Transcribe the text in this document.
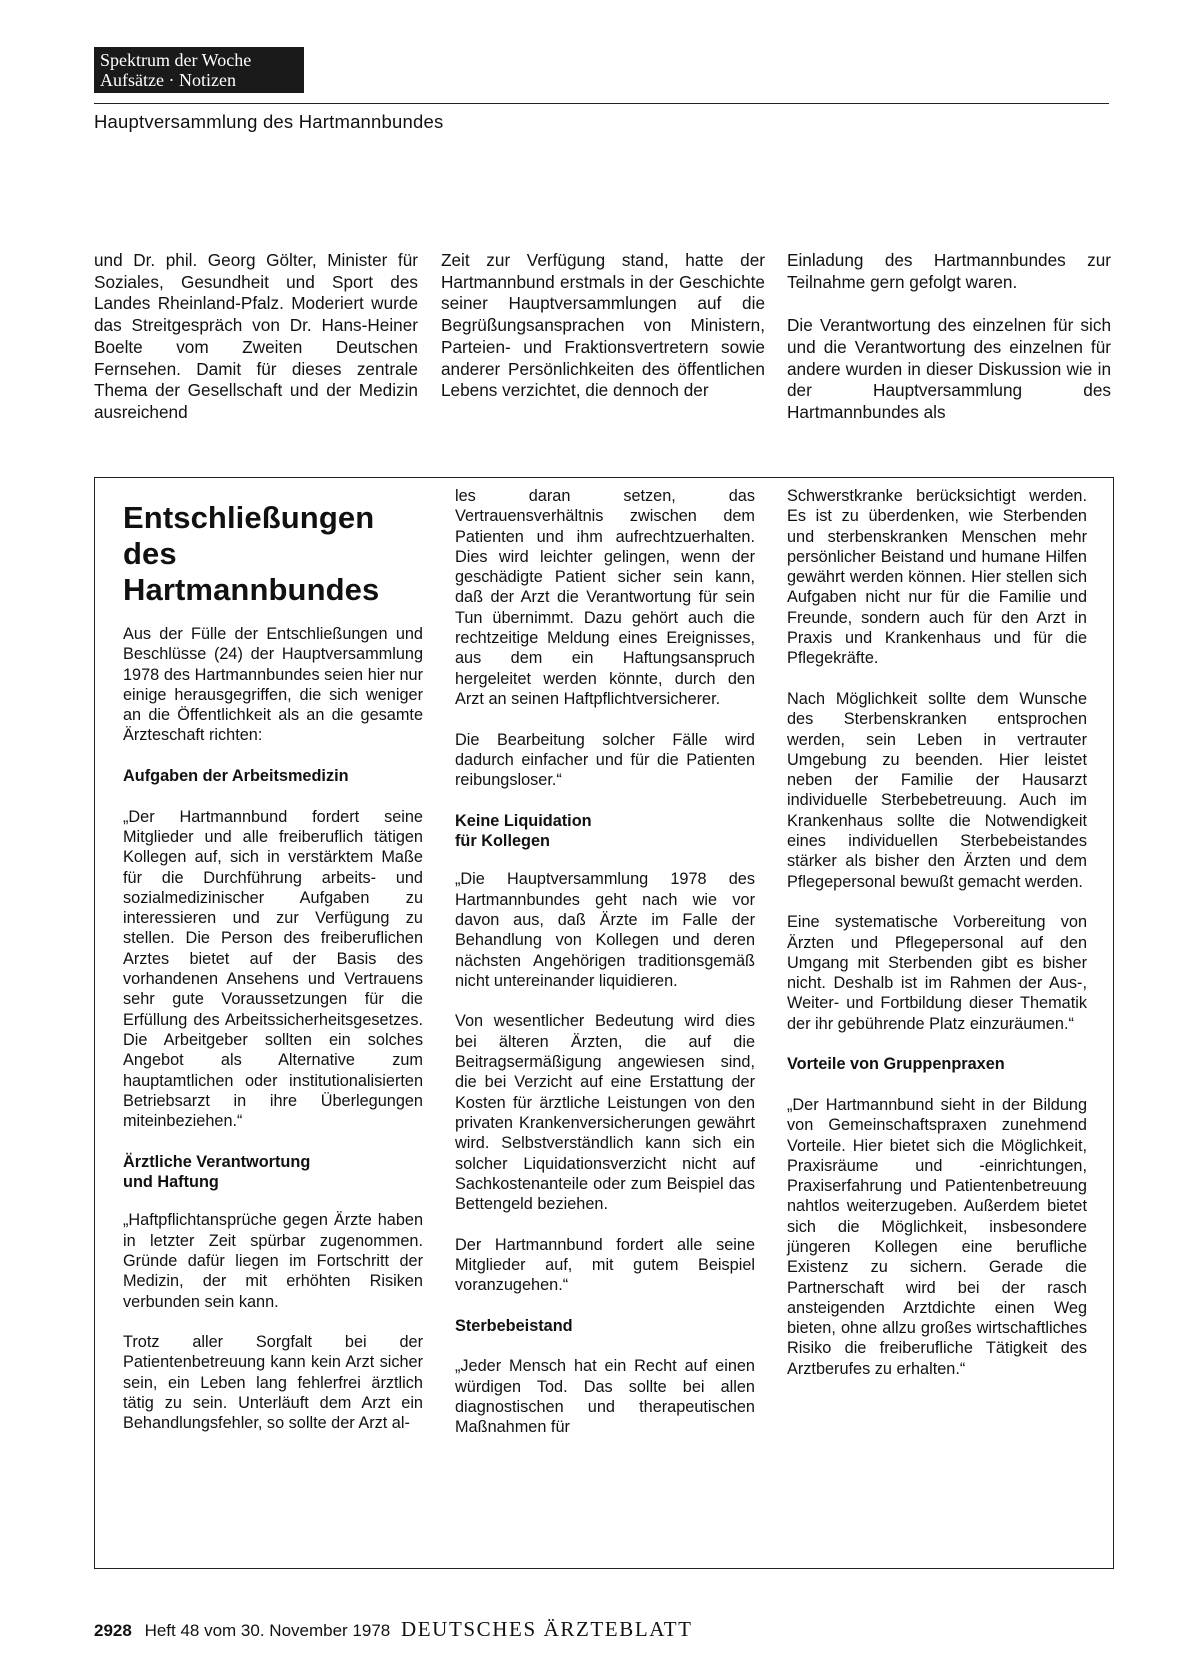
Spektrum der Woche
Aufsätze · Notizen
Hauptversammlung des Hartmannbundes

und Dr. phil. Georg Gölter, Minister für Soziales, Gesundheit und Sport des Landes Rheinland-Pfalz. Moderiert wurde das Streitgespräch von Dr. Hans-Heiner Boelte vom Zweiten Deutschen Fernsehen. Damit für dieses zentrale Thema der Gesellschaft und der Medizin ausreichend

Zeit zur Verfügung stand, hatte der Hartmannbund erstmals in der Geschichte seiner Hauptversammlungen auf die Begrüßungsansprachen von Ministern, Parteien- und Fraktionsvertretern sowie anderer Persönlichkeiten des öffentlichen Lebens verzichtet, die dennoch der

Einladung des Hartmannbundes zur Teilnahme gern gefolgt waren.

Die Verantwortung des einzelnen für sich und die Verantwortung des einzelnen für andere wurden in dieser Diskussion wie in der Hauptversammlung des Hartmannbundes als

Entschließungen
des
Hartmannbundes

Aus der Fülle der Entschließungen und Beschlüsse (24) der Hauptversammlung 1978 des Hartmannbundes seien hier nur einige herausgegriffen, die sich weniger an die Öffentlichkeit als an die gesamte Ärzteschaft richten:

Aufgaben der Arbeitsmedizin

„Der Hartmannbund fordert seine Mitglieder und alle freiberuflich tätigen Kollegen auf, sich in verstärktem Maße für die Durchführung arbeits- und sozialmedizinischer Aufgaben zu interessieren und zur Verfügung zu stellen. Die Person des freiberuflichen Arztes bietet auf der Basis des vorhandenen Ansehens und Vertrauens sehr gute Voraussetzungen für die Erfüllung des Arbeitssicherheitsgesetzes. Die Arbeitgeber sollten ein solches Angebot als Alternative zum hauptamtlichen oder institutionalisierten Betriebsarzt in ihre Überlegungen miteinbeziehen.“

Ärztliche Verantwortung
und Haftung

„Haftpflichtansprüche gegen Ärzte haben in letzter Zeit spürbar zugenommen. Gründe dafür liegen im Fortschritt der Medizin, der mit erhöhten Risiken verbunden sein kann.

Trotz aller Sorgfalt bei der Patientenbetreuung kann kein Arzt sicher sein, ein Leben lang fehlerfrei ärztlich tätig zu sein. Unterläuft dem Arzt ein Behandlungsfehler, so sollte der Arzt al-

les daran setzen, das Vertrauensverhältnis zwischen dem Patienten und ihm aufrechtzuerhalten. Dies wird leichter gelingen, wenn der geschädigte Patient sicher sein kann, daß der Arzt die Verantwortung für sein Tun übernimmt. Dazu gehört auch die rechtzeitige Meldung eines Ereignisses, aus dem ein Haftungsanspruch hergeleitet werden könnte, durch den Arzt an seinen Haftpflichtversicherer.

Die Bearbeitung solcher Fälle wird dadurch einfacher und für die Patienten reibungsloser.“

Keine Liquidation
für Kollegen

„Die Hauptversammlung 1978 des Hartmannbundes geht nach wie vor davon aus, daß Ärzte im Falle der Behandlung von Kollegen und deren nächsten Angehörigen traditionsgemäß nicht untereinander liquidieren.

Von wesentlicher Bedeutung wird dies bei älteren Ärzten, die auf die Beitragsermäßigung angewiesen sind, die bei Verzicht auf eine Erstattung der Kosten für ärztliche Leistungen von den privaten Krankenversicherungen gewährt wird. Selbstverständlich kann sich ein solcher Liquidationsverzicht nicht auf Sachkostenanteile oder zum Beispiel das Bettengeld beziehen.

Der Hartmannbund fordert alle seine Mitglieder auf, mit gutem Beispiel voranzugehen.“

Sterbebeistand

„Jeder Mensch hat ein Recht auf einen würdigen Tod. Das sollte bei allen diagnostischen und therapeutischen Maßnahmen für

Schwerstkranke berücksichtigt werden. Es ist zu überdenken, wie Sterbenden und sterbenskranken Menschen mehr persönlicher Beistand und humane Hilfen gewährt werden können. Hier stellen sich Aufgaben nicht nur für die Familie und Freunde, sondern auch für den Arzt in Praxis und Krankenhaus und für die Pflegekräfte.

Nach Möglichkeit sollte dem Wunsche des Sterbenskranken entsprochen werden, sein Leben in vertrauter Umgebung zu beenden. Hier leistet neben der Familie der Hausarzt individuelle Sterbebetreuung. Auch im Krankenhaus sollte die Notwendigkeit eines individuellen Sterbebeistandes stärker als bisher den Ärzten und dem Pflegepersonal bewußt gemacht werden.

Eine systematische Vorbereitung von Ärzten und Pflegepersonal auf den Umgang mit Sterbenden gibt es bisher nicht. Deshalb ist im Rahmen der Aus-, Weiter- und Fortbildung dieser Thematik der ihr gebührende Platz einzuräumen.“

Vorteile von Gruppenpraxen

„Der Hartmannbund sieht in der Bildung von Gemeinschaftspraxen zunehmend Vorteile. Hier bietet sich die Möglichkeit, Praxisräume und -einrichtungen, Praxiserfahrung und Patientenbetreuung nahtlos weiterzugeben. Außerdem bietet sich die Möglichkeit, insbesondere jüngeren Kollegen eine berufliche Existenz zu sichern. Gerade die Partnerschaft wird bei der rasch ansteigenden Arztdichte einen Weg bieten, ohne allzu großes wirtschaftliches Risiko die freiberufliche Tätigkeit des Arztberufes zu erhalten.“

2928 Heft 48 vom 30. November 1978 DEUTSCHES ÄRZTEBLATT
